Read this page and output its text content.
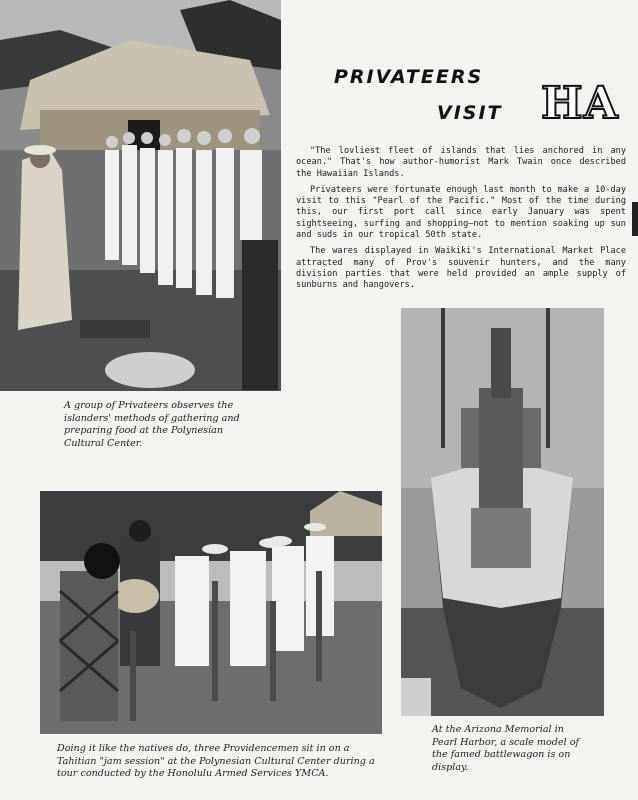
A group of Privateers observes the islanders' methods of gathering and preparing food at the Polynesian Cultural Center.
PRIVATEERS
VISIT HA

"The lovliest fleet of islands that lies anchored in any ocean." That's how author-humorist Mark Twain once described the Hawaiian Islands.

Privateers were fortunate enough last month to make a 10-day visit to this "Pearl of the Pacific." Most of the time during this, our first port call since early January was spent sightseeing, surfing and shopping—not to mention soaking up sun and suds in our tropical 50th state.

The wares displayed in Waikiki's International Market Place attracted many of Prov's souvenir hunters, and the many division parties that were held provided an ample supply of sunburns and hangovers.

At the Arizona Memorial in Pearl Harbor, a scale model of the famed battlewagon is on display.
Doing it like the natives do, three Providencemen sit in on a Tahitian "jam session" at the Polynesian Cultural Center during a tour conducted by the Honolulu Armed Services YMCA.
